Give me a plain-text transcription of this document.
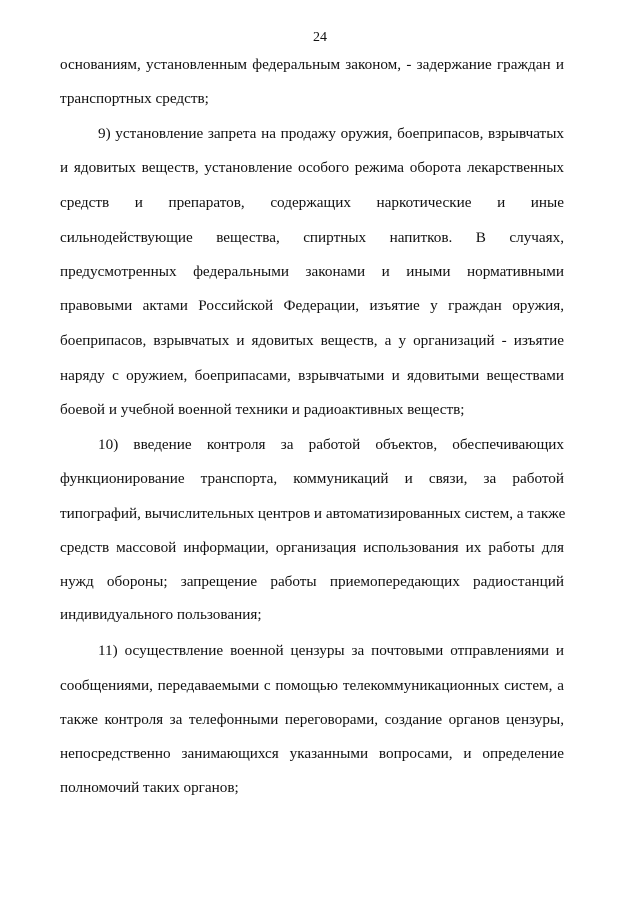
24
основаниям, установленным федеральным законом, - задержание граждан и
транспортных средств;
9) установление запрета на продажу оружия, боеприпасов, взрывчатых
и ядовитых веществ, установление особого режима оборота лекарственных
средств и препаратов, содержащих наркотические и иные
сильнодействующие вещества, спиртных напитков. В случаях,
предусмотренных федеральными законами и иными нормативными
правовыми актами Российской Федерации, изъятие у граждан оружия,
боеприпасов, взрывчатых и ядовитых веществ, а у организаций - изъятие
наряду с оружием, боеприпасами, взрывчатыми и ядовитыми веществами
боевой и учебной военной техники и радиоактивных веществ;
10) введение контроля за работой объектов, обеспечивающих
функционирование транспорта, коммуникаций и связи, за работой
типографий, вычислительных центров и автоматизированных систем, а также
средств массовой информации, организация использования их работы для
нужд обороны; запрещение работы приемопередающих радиостанций
индивидуального пользования;
11) осуществление военной цензуры за почтовыми отправлениями и
сообщениями, передаваемыми с помощью телекоммуникационных систем, а
также контроля за телефонными переговорами, создание органов цензуры,
непосредственно занимающихся указанными вопросами, и определение
полномочий таких органов;
